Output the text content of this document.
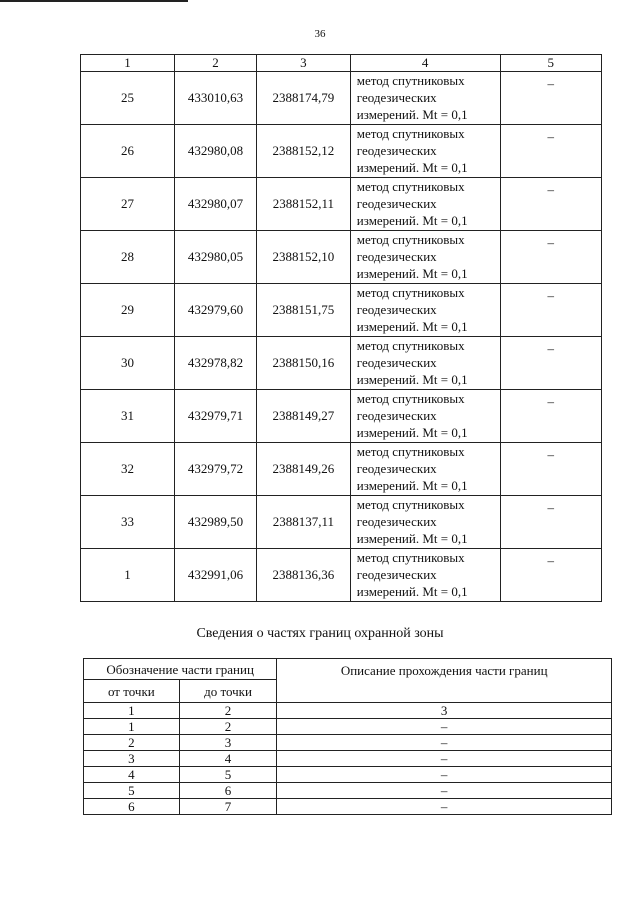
36
1	2	3	4	5
25	433010,63	2388174,79	метод спутниковых
геодезических
измерений. Mt = 0,1	–
26	432980,08	2388152,12	метод спутниковых
геодезических
измерений. Mt = 0,1	–
27	432980,07	2388152,11	метод спутниковых
геодезических
измерений. Mt = 0,1	–
28	432980,05	2388152,10	метод спутниковых
геодезических
измерений. Mt = 0,1	–
29	432979,60	2388151,75	метод спутниковых
геодезических
измерений. Mt = 0,1	–
30	432978,82	2388150,16	метод спутниковых
геодезических
измерений. Mt = 0,1	–
31	432979,71	2388149,27	метод спутниковых
геодезических
измерений. Mt = 0,1	–
32	432979,72	2388149,26	метод спутниковых
геодезических
измерений. Mt = 0,1	–
33	432989,50	2388137,11	метод спутниковых
геодезических
измерений. Mt = 0,1	–
1	432991,06	2388136,36	метод спутниковых
геодезических
измерений. Mt = 0,1	–
Сведения о частях границ охранной зоны
Обозначение части границ		Описание прохождения части границ
от точки	до точки	
1	2	3
1	2	–
2	3	–
3	4	–
4	5	–
5	6	–
6	7	–
